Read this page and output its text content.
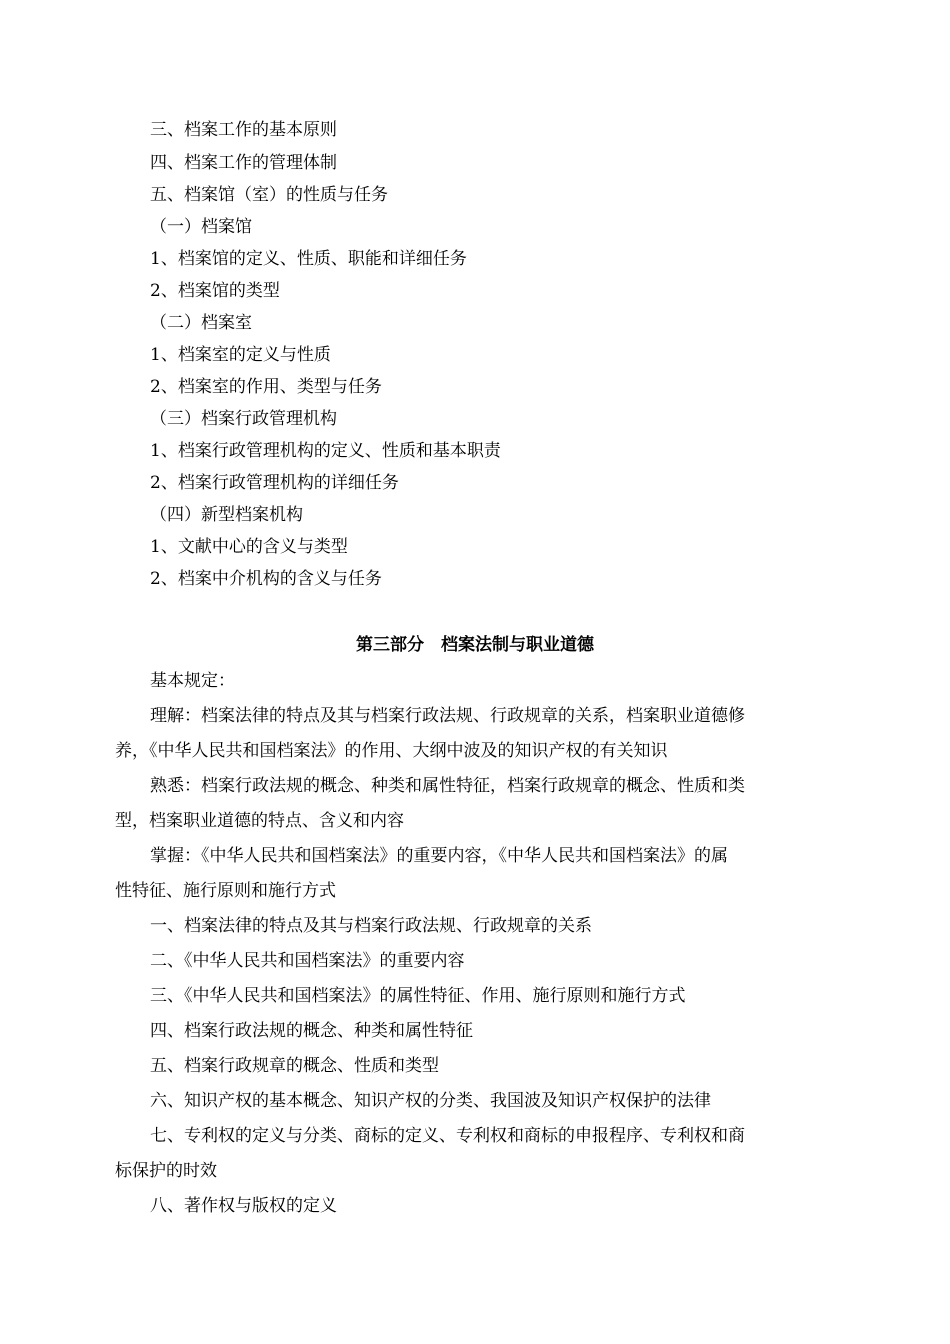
三、档案工作的基本原则
四、档案工作的管理体制
五、档案馆（室）的性质与任务
（一）档案馆
1、档案馆的定义、性质、职能和详细任务
2、档案馆的类型
（二）档案室
1、档案室的定义与性质
2、档案室的作用、类型与任务
（三）档案行政管理机构
1、档案行政管理机构的定义、性质和基本职责
2、档案行政管理机构的详细任务
（四）新型档案机构
1、文献中心的含义与类型
2、档案中介机构的含义与任务
第三部分　档案法制与职业道德
基本规定：
理解：档案法律的特点及其与档案行政法规、行政规章的关系，档案职业道德修
养，《中华人民共和国档案法》的作用、大纲中波及的知识产权的有关知识
熟悉：档案行政法规的概念、种类和属性特征，档案行政规章的概念、性质和类
型，档案职业道德的特点、含义和内容
掌握：《中华人民共和国档案法》的重要内容，《中华人民共和国档案法》的属
性特征、施行原则和施行方式
一、档案法律的特点及其与档案行政法规、行政规章的关系
二、《中华人民共和国档案法》的重要内容
三、《中华人民共和国档案法》的属性特征、作用、施行原则和施行方式
四、档案行政法规的概念、种类和属性特征
五、档案行政规章的概念、性质和类型
六、知识产权的基本概念、知识产权的分类、我国波及知识产权保护的法律
七、专利权的定义与分类、商标的定义、专利权和商标的申报程序、专利权和商
标保护的时效
八、著作权与版权的定义
